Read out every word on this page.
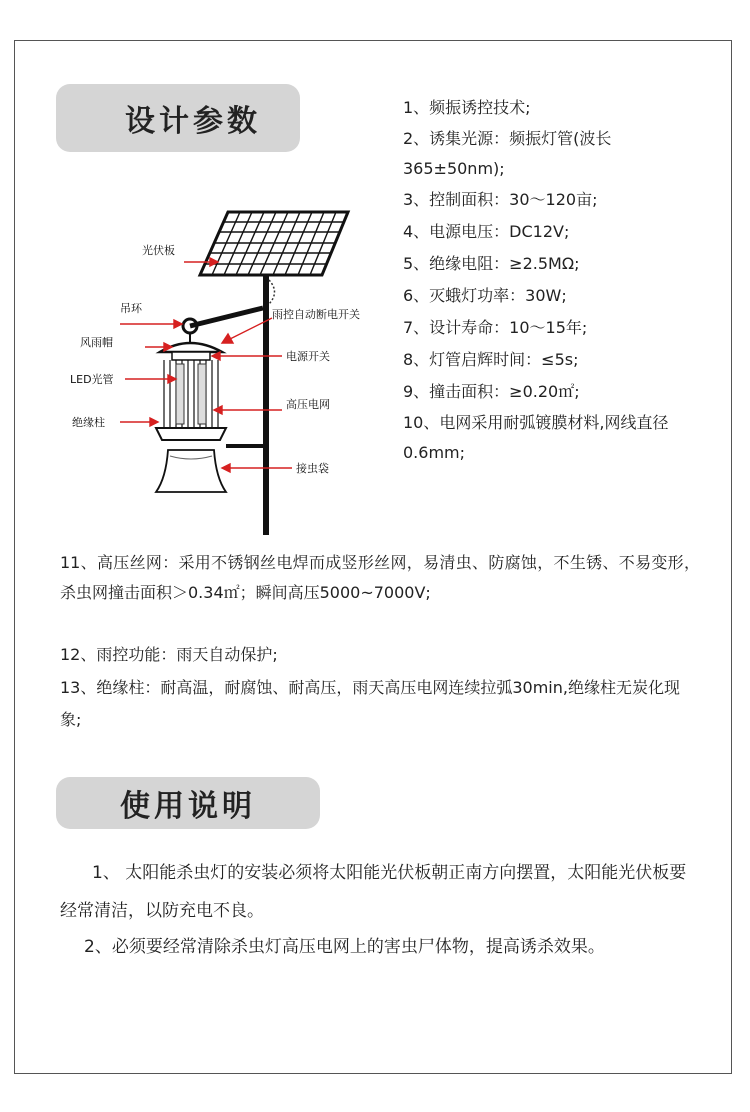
设计参数	1、频振诱控技术;
2、诱集光源：频振灯管(波长365±50nm);
3、控制面积：30～120亩;
4、电源电压：DC12V;
5、绝缘电阻：≥2.5MΩ;
6、灭蛾灯功率：30W;
7、设计寿命：10～15年;
8、灯管启辉时间：≤5s;
9、撞击面积：≥0.20㎡;
10、电网采用耐弧镀膜材料,网线直径0.6mm;
光伏板
吊环
风雨帽
LED光管
绝缘柱
雨控自动断电开关
电源开关
高压电网
接虫袋

11、高压丝网：采用不锈钢丝电焊而成竖形丝网，易清虫、防腐蚀，不生锈、不易变形，杀虫网撞击面积＞0.34㎡；瞬间高压5000~7000V;

12、雨控功能：雨天自动保护;

13、绝缘柱：耐高温，耐腐蚀、耐高压，雨天高压电网连续拉弧30min,绝缘柱无炭化现象;

使用说明

1、 太阳能杀虫灯的安装必须将太阳能光伏板朝正南方向摆置，太阳能光伏板要经常清洁，以防充电不良。

2、必须要经常清除杀虫灯高压电网上的害虫尸体物，提高诱杀效果。
